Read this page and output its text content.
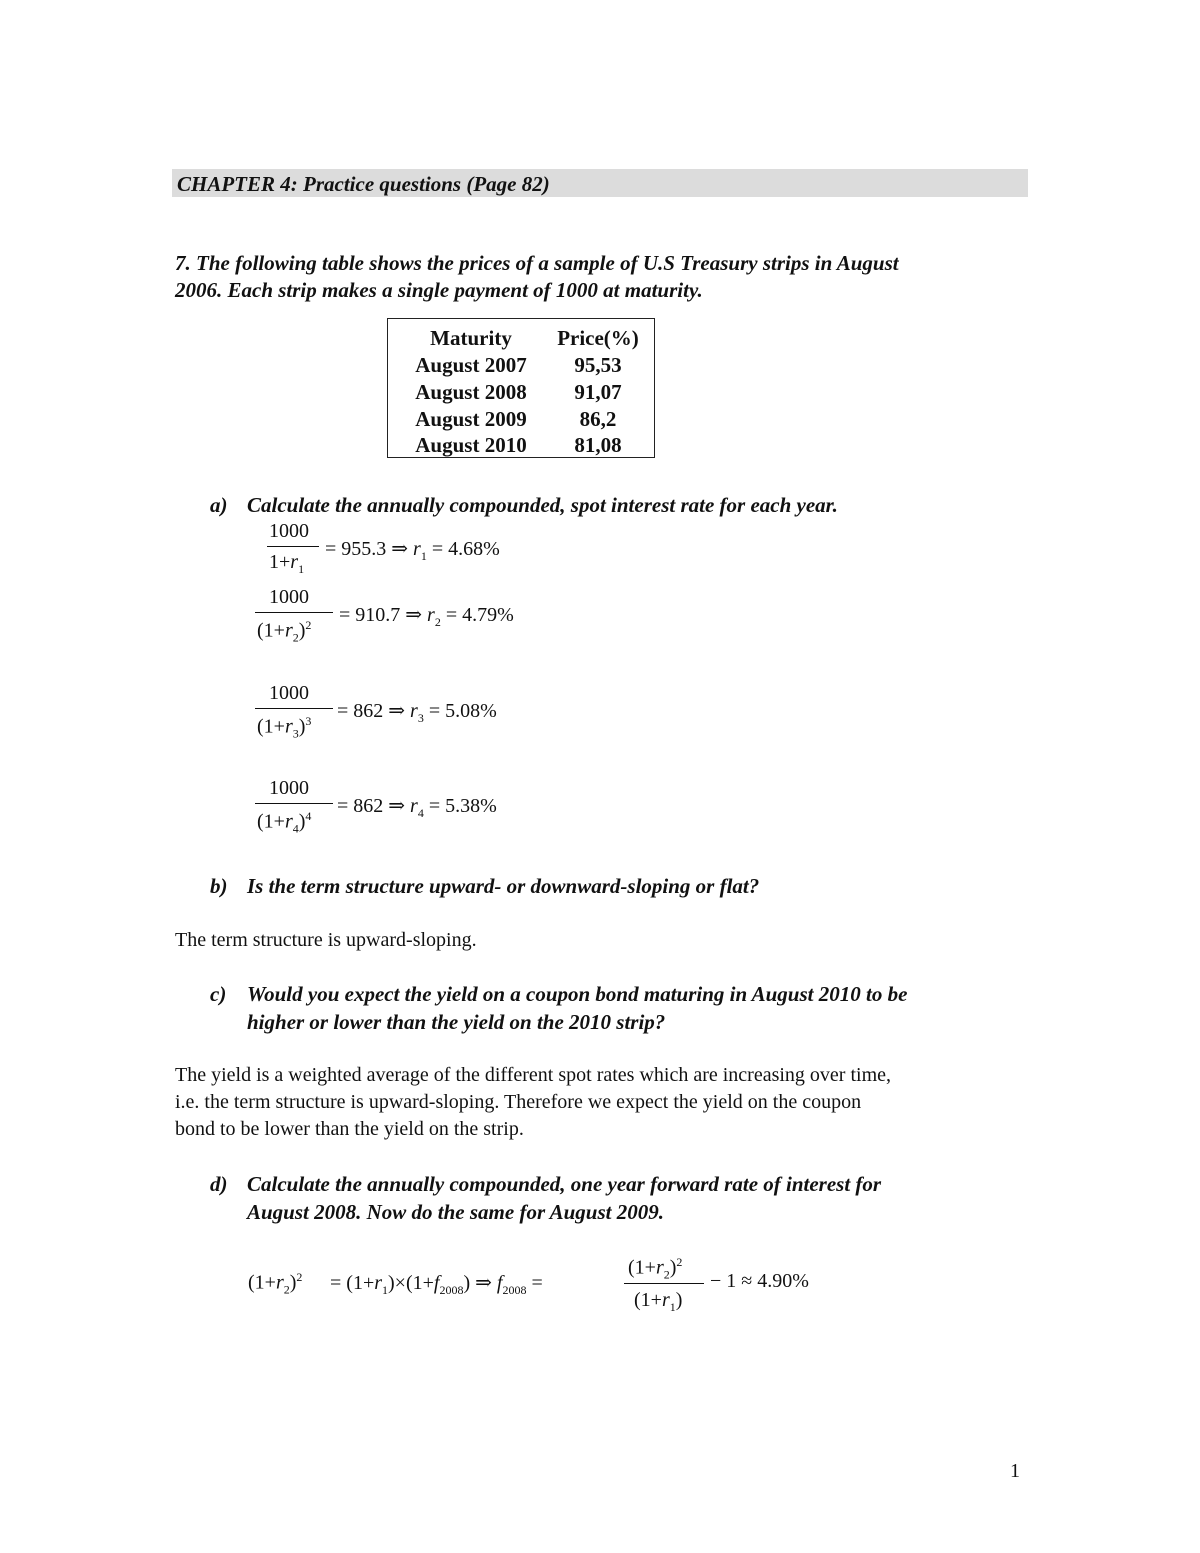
CHAPTER 4: Practice questions (Page 82)
7. The following table shows the prices of a sample of U.S Treasury strips in August
2006. Each strip makes a single payment of 1000 at maturity.
Maturity	Price(%)
August 2007	95,53
August 2008	91,07
August 2009	86,2
August 2010	81,08
a) Calculate the annually compounded, spot interest rate for each year.
1000
$1+r_1$
= 955.3 ⇒ $r_1 = 4.68\%$
1000
$(1+r_2)^2 = 910.7$ ⇒ $r_2 = 4.79\%$
1000
$(1+r_3)^3 = 862$ ⇒ $r_3 = 5.08\%$
1000
$(1+r_4)^4 = 862$ ⇒ $r_4 = 5.38\%$
b) Is the term structure upward- or downward-sloping or flat?
The term structure is upward-sloping.
c) Would you expect the yield on a coupon bond maturing in August 2010 to be
higher or lower than the yield on the 2010 strip?
The yield is a weighted average of the different spot rates which are increasing over time,
i.e. the term structure is upward-sloping. Therefore we expect the yield on the coupon
bond to be lower than the yield on the strip.
d) Calculate the annually compounded, one year forward rate of interest for
August 2008. Now do the same for August 2009.
$(1+r_2)^2 = (1+r_1)\times(1+f_{2008})$ ⇒ $f_{2008}$ =
$(1+r_2)^2$
$(1+r_1)$
− 1 ≈ 4.90%
1
